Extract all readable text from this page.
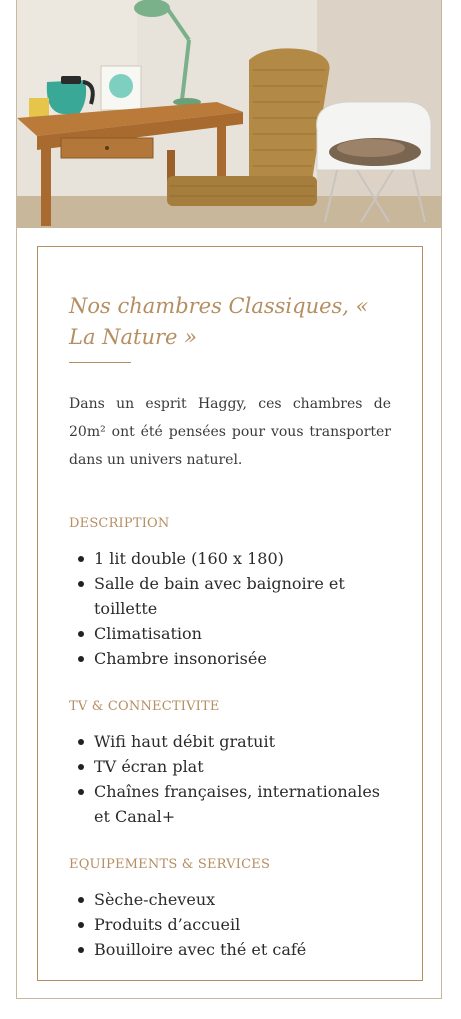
Nos chambres Classiques, « La Nature »

Dans un esprit Haggy, ces chambres de 20m² ont été pensées pour vous transporter dans un univers naturel.

DESCRIPTION
1 lit double (160 x 180)
Salle de bain avec baignoire et toillette
Climatisation
Chambre insonorisée
TV & CONNECTIVITE
Wifi haut débit gratuit
TV écran plat
Chaînes françaises, internationales et Canal+
EQUIPEMENTS & SERVICES
Sèche-cheveux
Produits d’accueil
Bouilloire avec thé et café
